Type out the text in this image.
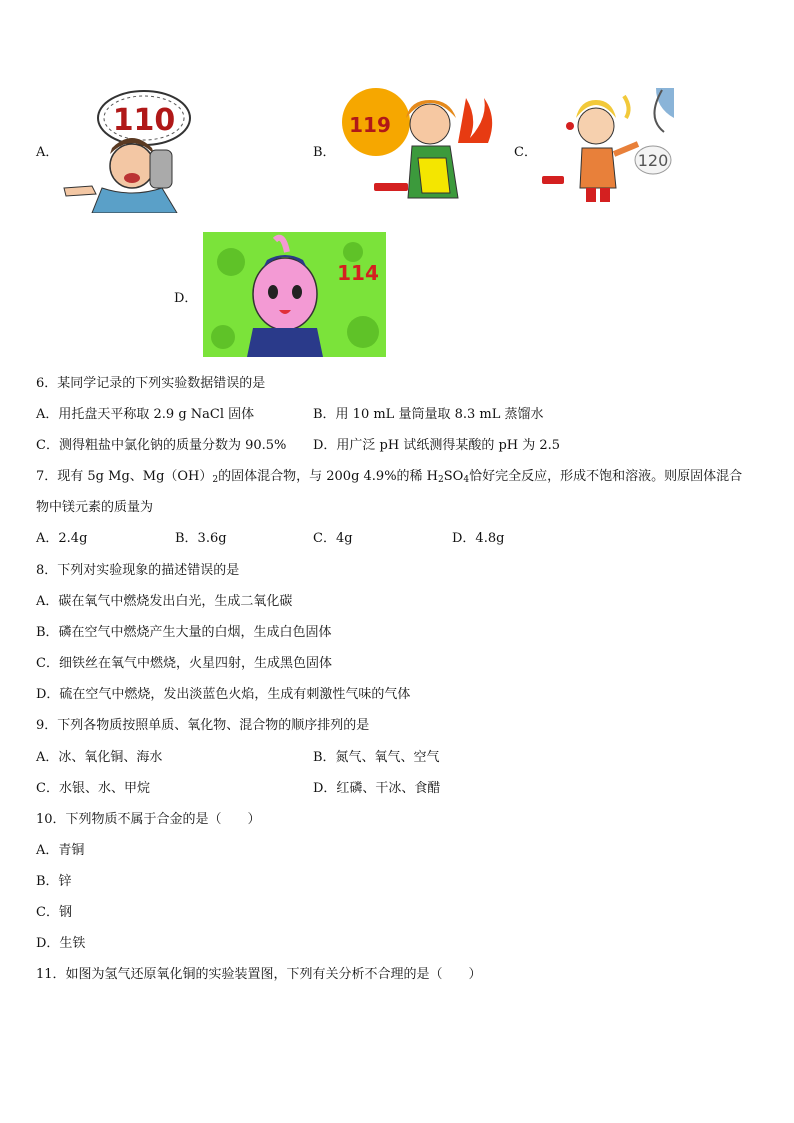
A．
110
B．
119
C．	120
D．
114
6．某同学记录的下列实验数据错误的是
A．用托盘天平称取 2.9 g NaCl 固体	B．用 10 mL 量筒量取 8.3 mL 蒸馏水
C．测得粗盐中氯化钠的质量分数为 90.5% D．用广泛 pH 试纸测得某酸的 pH 为 2.5
7．现有 5g Mg、$Mg(OH)_2$的固体混合物，与 200g 4.9%的稀 $H_2SO_4$恰好完全反应，形成不饱和溶液。则原固体混合
物中镁元素的质量为
A．2.4g	B．3.6g	C．4g	D．4.8g
8．下列对实验现象的描述错误的是
A．碳在氧气中燃烧发出白光，生成二氧化碳
B．磷在空气中燃烧产生大量的白烟，生成白色固体
C．细铁丝在氧气中燃烧，火星四射，生成黑色固体
D．硫在空气中燃烧，发出淡蓝色火焰，生成有刺激性气味的气体
9．下列各物质按照单质、氧化物、混合物的顺序排列的是
A．冰、氧化铜、海水	B．氮气、氧气、空气
C．水银、水、甲烷	D．红磷、干冰、食醋
10．下列物质不属于合金的是（　　）
A．青铜
B．锌
C．钢
D．生铁
11．如图为氢气还原氧化铜的实验装置图，下列有关分析不合理的是（　　）
